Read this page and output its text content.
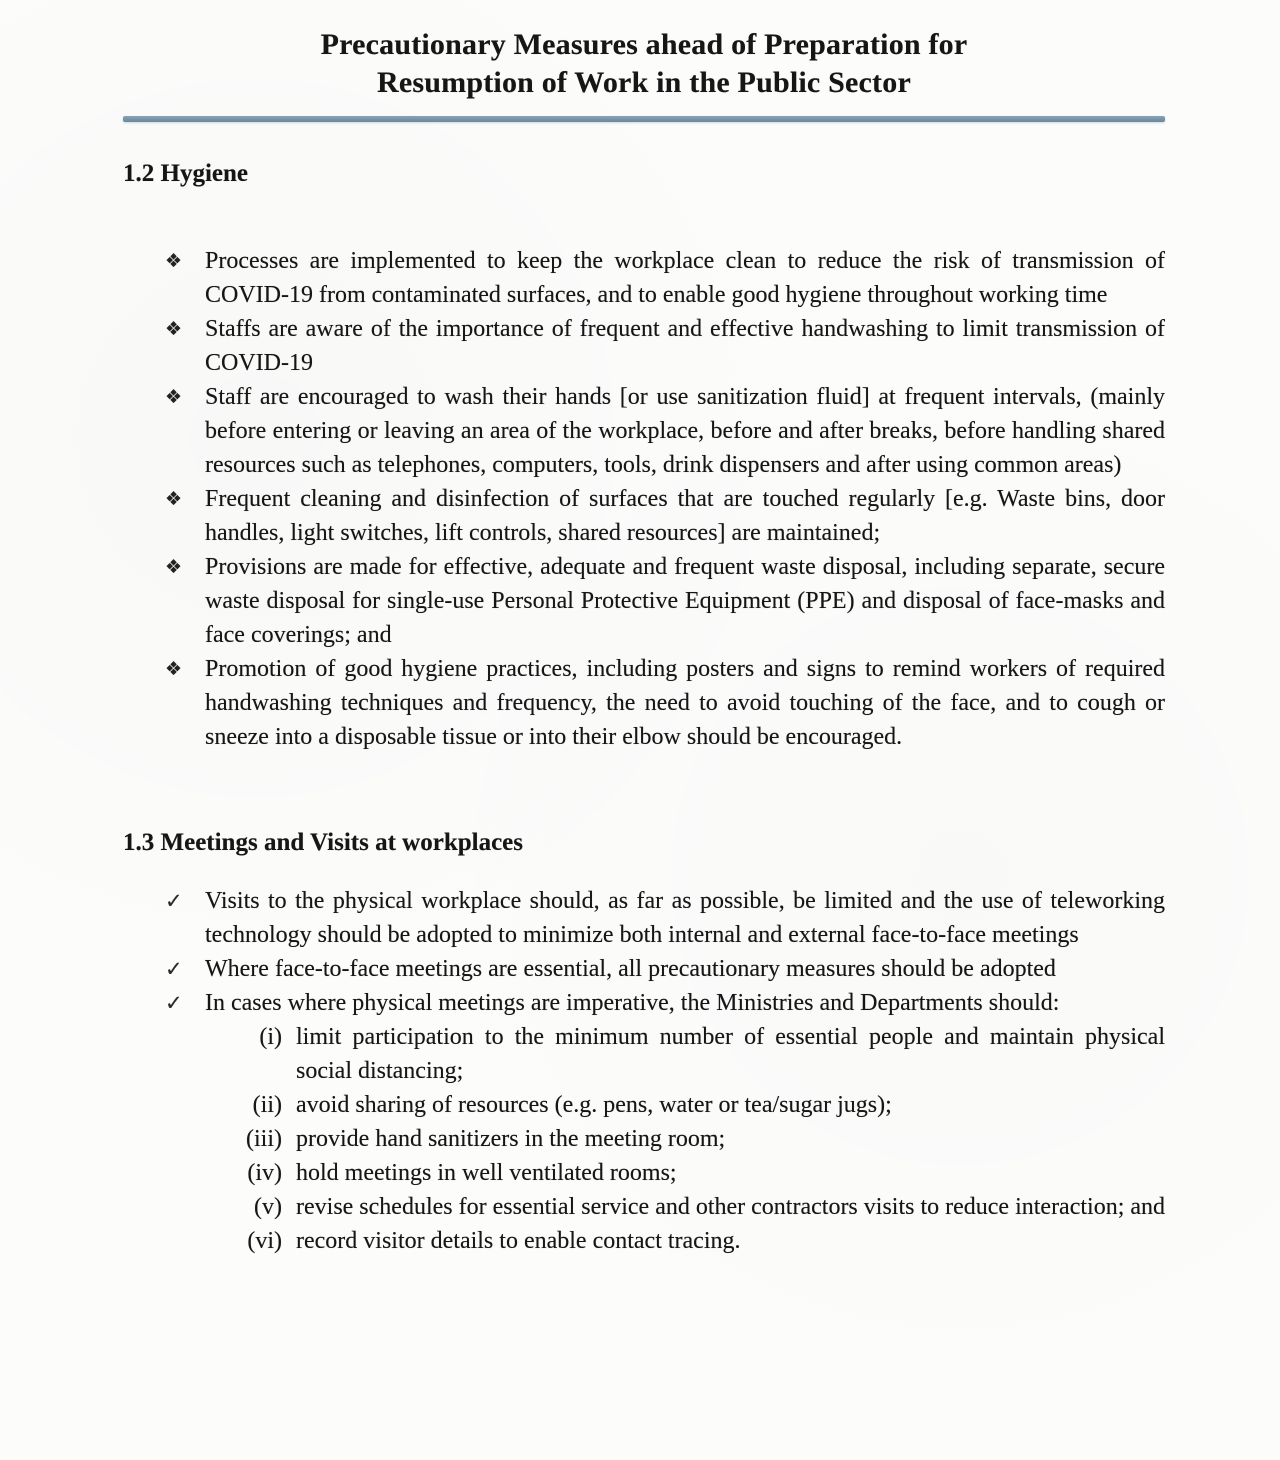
Precautionary Measures ahead of Preparation for
Resumption of Work in the Public Sector
1.2 Hygiene
❖ Processes are implemented to keep the workplace clean to reduce the risk of transmission of COVID-19 from contaminated surfaces, and to enable good hygiene throughout working time
❖ Staffs are aware of the importance of frequent and effective handwashing to limit transmission of COVID-19
❖ Staff are encouraged to wash their hands [or use sanitization fluid] at frequent intervals, (mainly before entering or leaving an area of the workplace, before and after breaks, before handling shared resources such as telephones, computers, tools, drink dispensers and after using common areas)
❖ Frequent cleaning and disinfection of surfaces that are touched regularly [e.g. Waste bins, door handles, light switches, lift controls, shared resources] are maintained;
❖ Provisions are made for effective, adequate and frequent waste disposal, including separate, secure waste disposal for single-use Personal Protective Equipment (PPE) and disposal of face-masks and face coverings; and
❖ Promotion of good hygiene practices, including posters and signs to remind workers of required handwashing techniques and frequency, the need to avoid touching of the face, and to cough or sneeze into a disposable tissue or into their elbow should be encouraged.
1.3 Meetings and Visits at workplaces
✓ Visits to the physical workplace should, as far as possible, be limited and the use of teleworking technology should be adopted to minimize both internal and external face-to-face meetings
✓ Where face-to-face meetings are essential, all precautionary measures should be adopted
✓ In cases where physical meetings are imperative, the Ministries and Departments should:
(i) limit participation to the minimum number of essential people and maintain physical social distancing;
(ii) avoid sharing of resources (e.g. pens, water or tea/sugar jugs);
(iii) provide hand sanitizers in the meeting room;
(iv) hold meetings in well ventilated rooms;
(v) revise schedules for essential service and other contractors visits to reduce interaction; and
(vi) record visitor details to enable contact tracing.
